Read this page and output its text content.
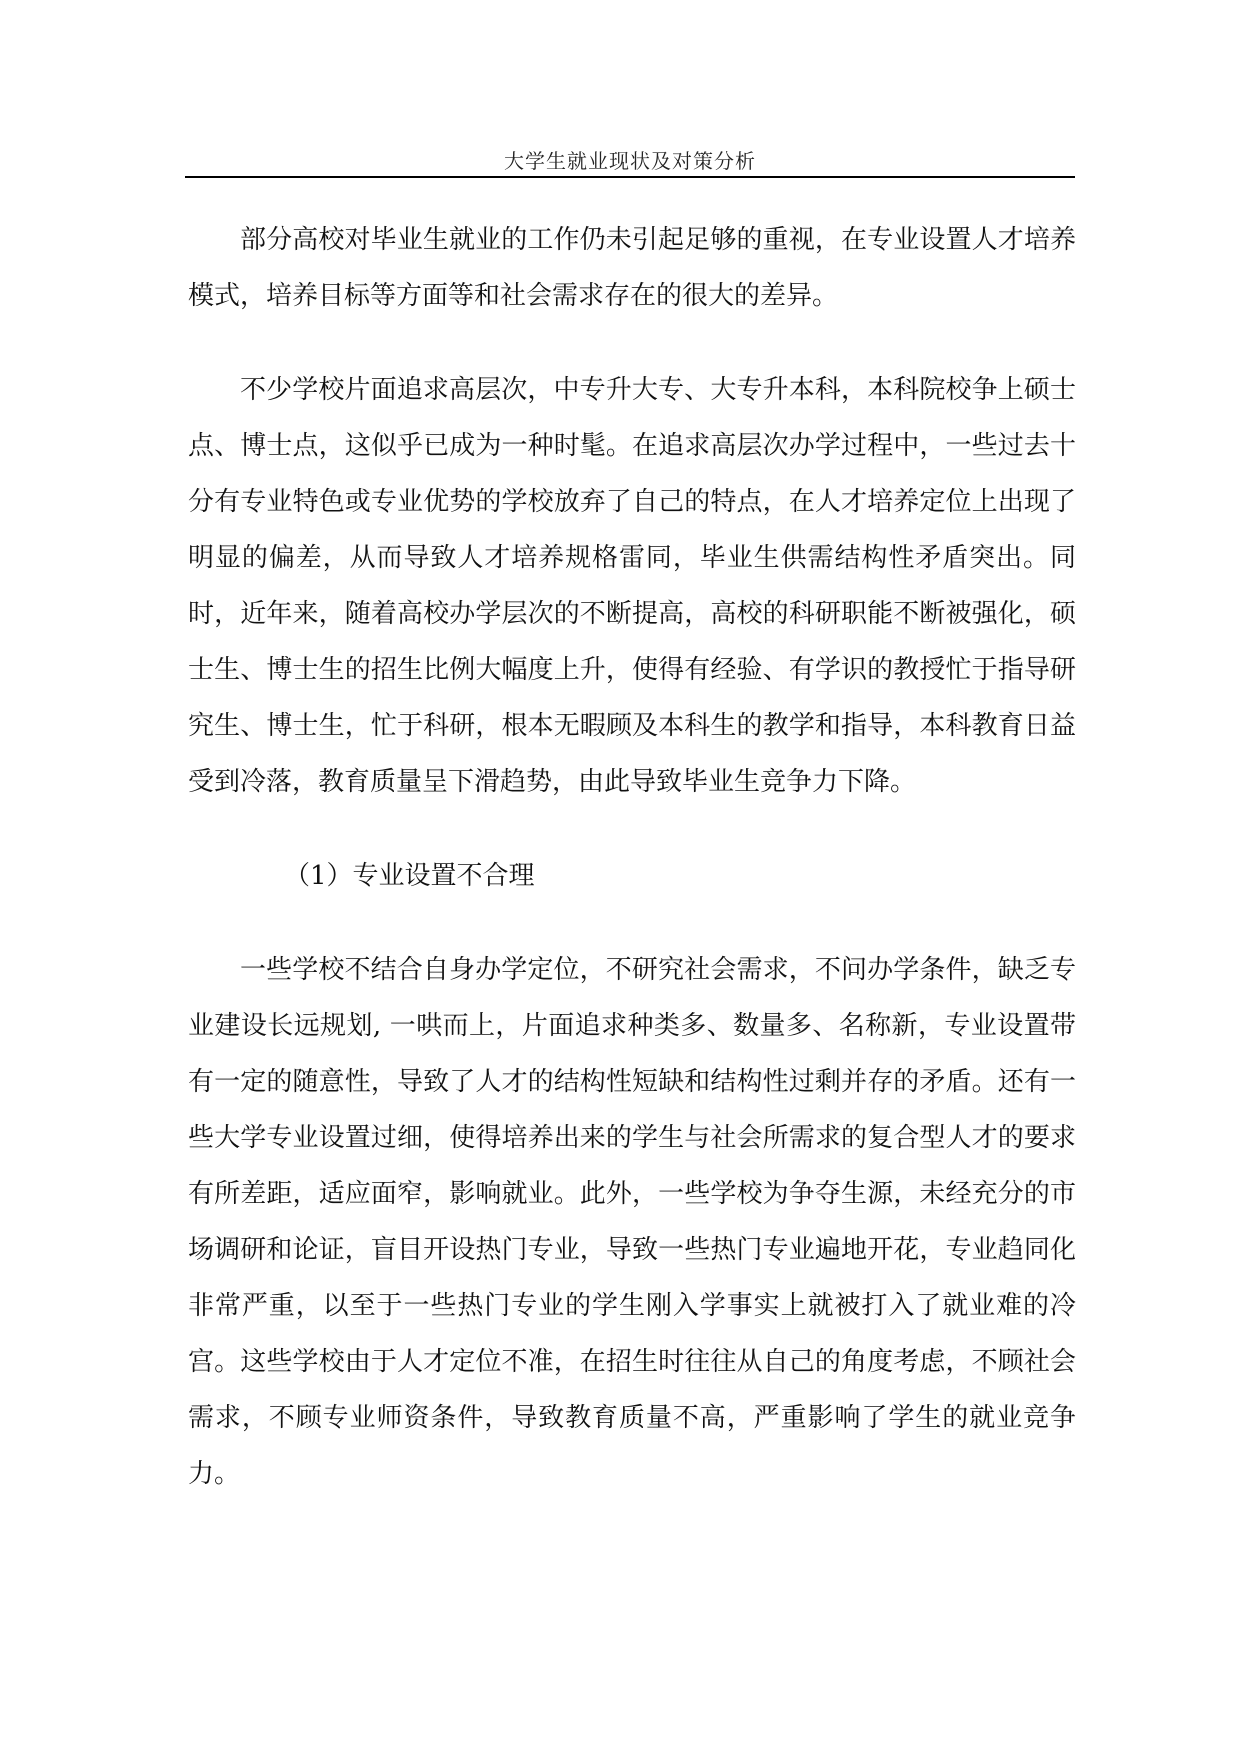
大学生就业现状及对策分析

部分高校对毕业生就业的工作仍未引起足够的重视，在专业设置人才培养模式，培养目标等方面等和社会需求存在的很大的差异。

不少学校片面追求高层次，中专升大专、大专升本科，本科院校争上硕士点、博士点，这似乎已成为一种时髦。在追求高层次办学过程中，一些过去十分有专业特色或专业优势的学校放弃了自己的特点，在人才培养定位上出现了明显的偏差，从而导致人才培养规格雷同，毕业生供需结构性矛盾突出。同时，近年来，随着高校办学层次的不断提高，高校的科研职能不断被强化，硕士生、博士生的招生比例大幅度上升，使得有经验、有学识的教授忙于指导研究生、博士生，忙于科研，根本无暇顾及本科生的教学和指导，本科教育日益受到冷落，教育质量呈下滑趋势，由此导致毕业生竞争力下降。

（1）专业设置不合理

一些学校不结合自身办学定位，不研究社会需求，不问办学条件，缺乏专业建设长远规划, 一哄而上，片面追求种类多、数量多、名称新，专业设置带有一定的随意性，导致了人才的结构性短缺和结构性过剩并存的矛盾。还有一些大学专业设置过细，使得培养出来的学生与社会所需求的复合型人才的要求有所差距，适应面窄，影响就业。此外，一些学校为争夺生源，未经充分的市场调研和论证，盲目开设热门专业，导致一些热门专业遍地开花，专业趋同化非常严重，以至于一些热门专业的学生刚入学事实上就被打入了就业难的冷宫。这些学校由于人才定位不准，在招生时往往从自己的角度考虑，不顾社会需求，不顾专业师资条件，导致教育质量不高，严重影响了学生的就业竞争力。
